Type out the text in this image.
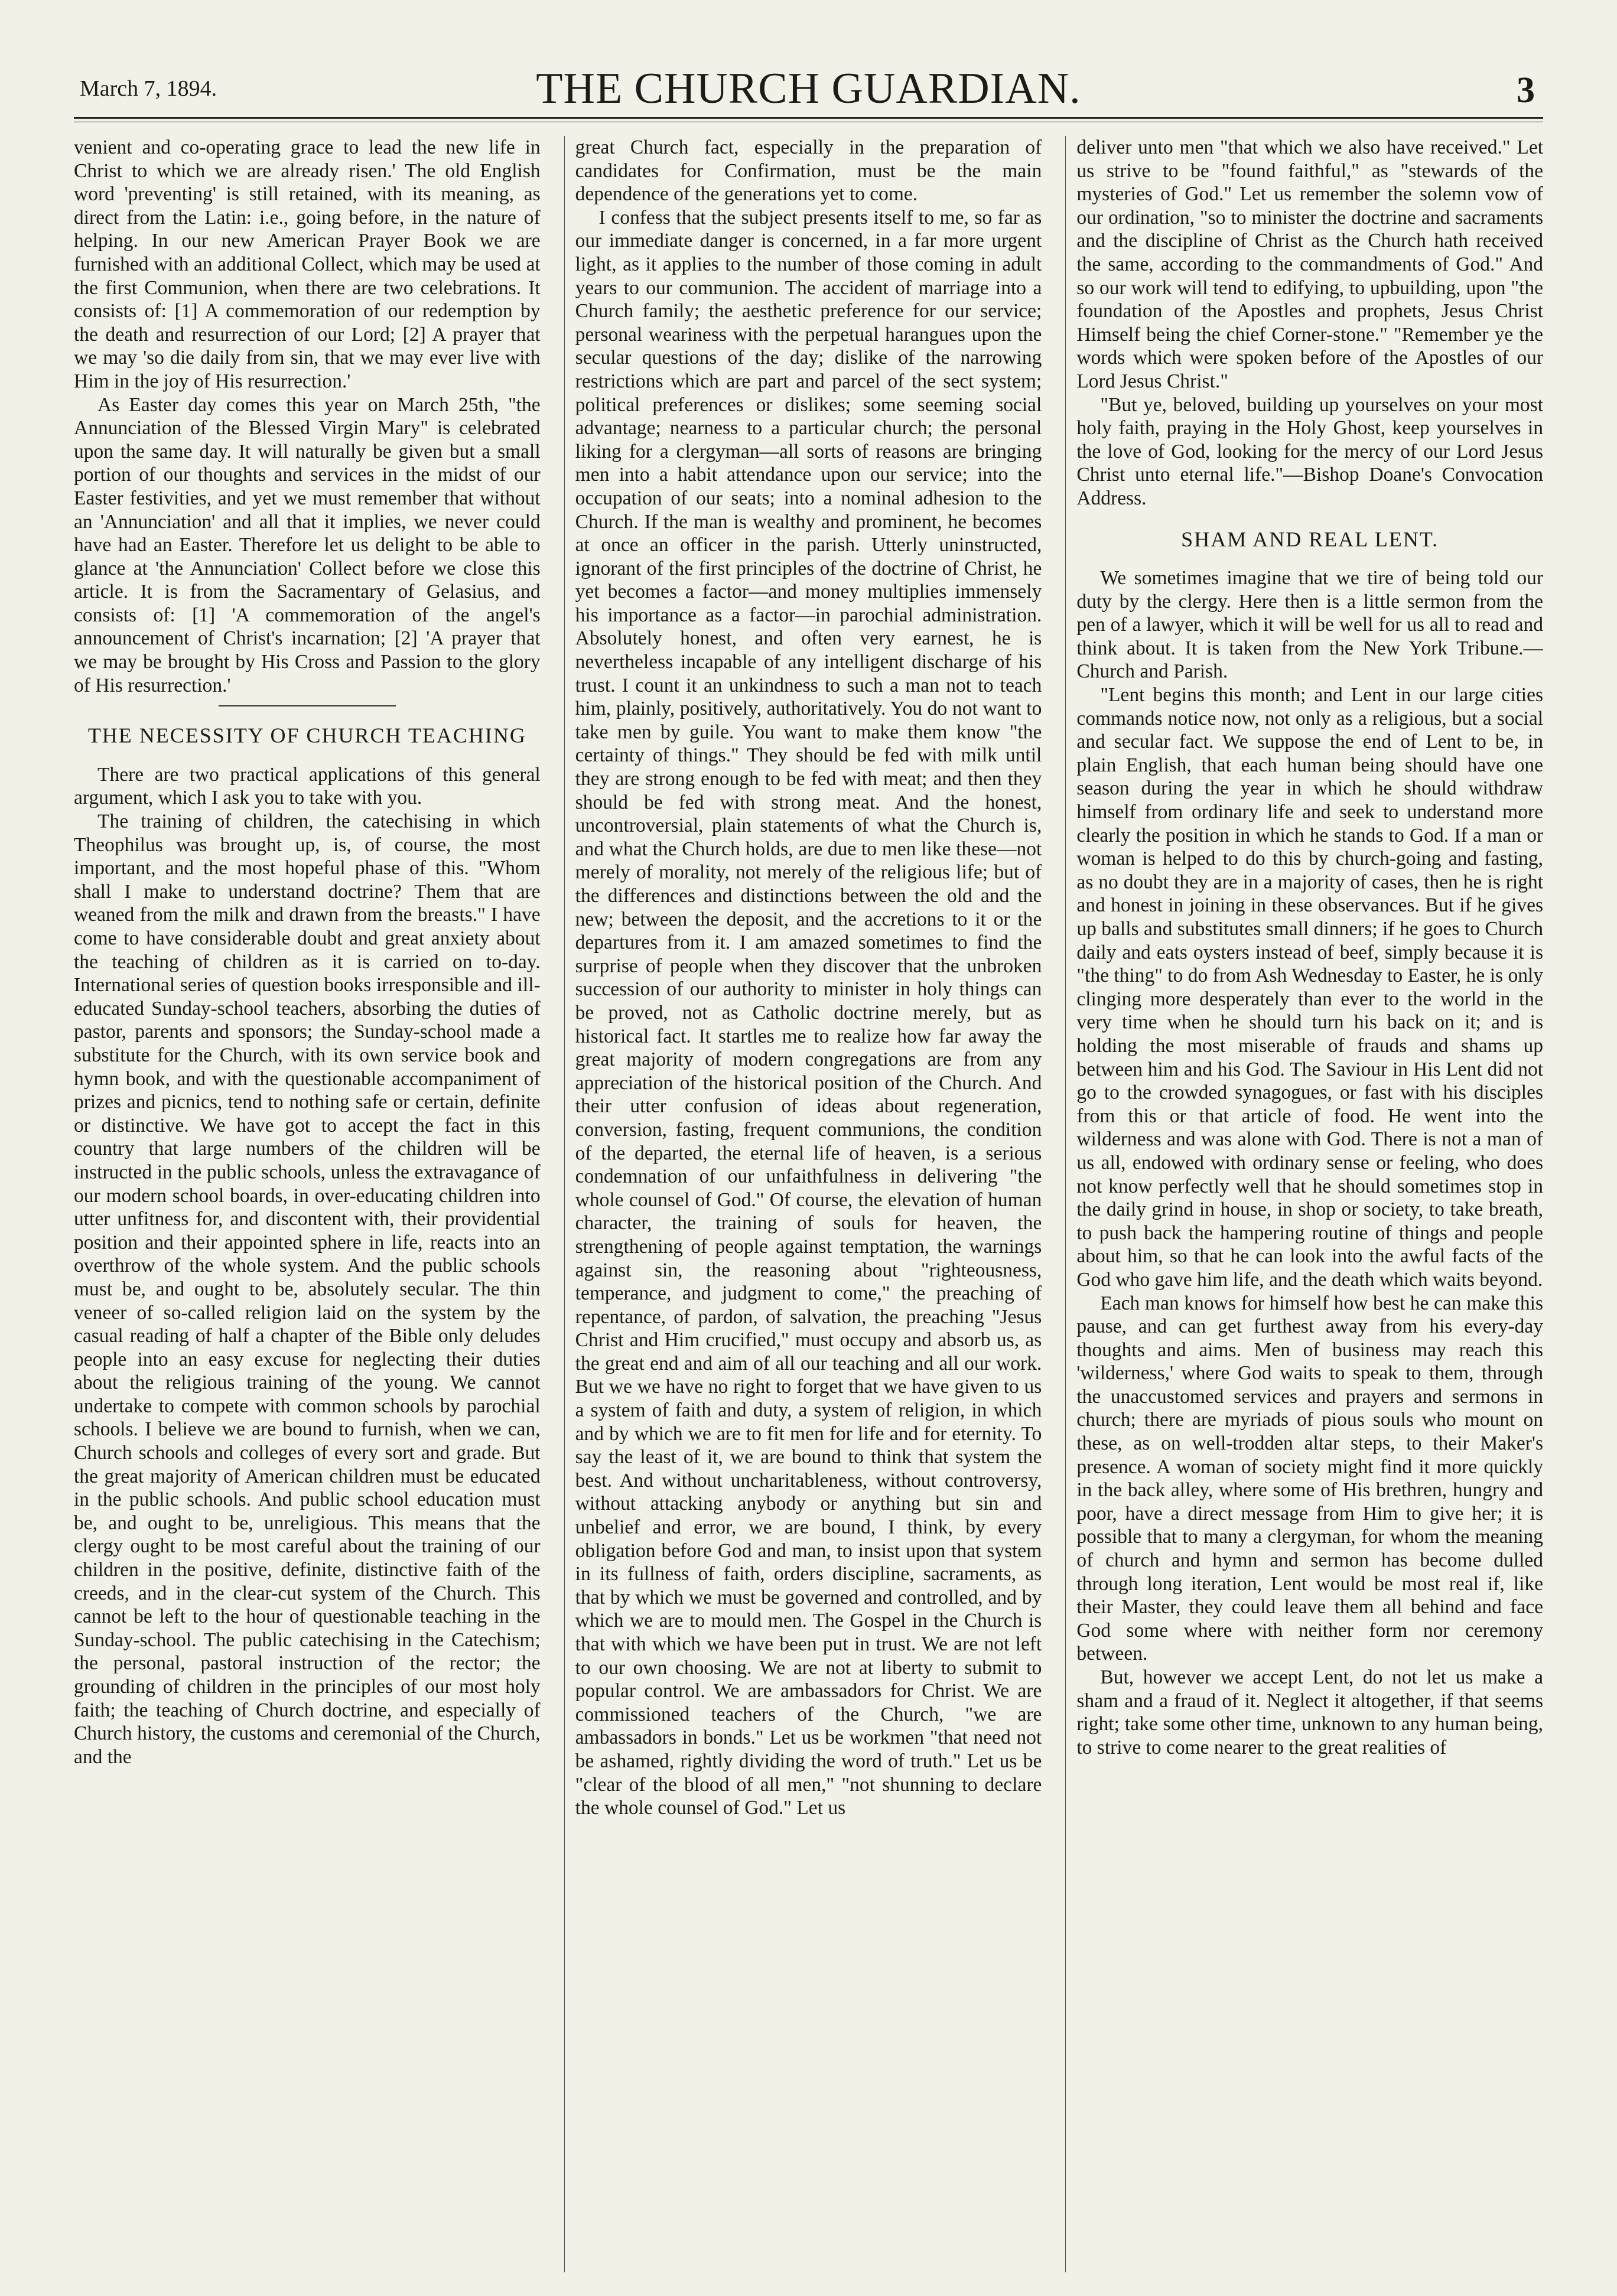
March 7, 1894.	THE CHURCH GUARDIAN.	3

venient and co-operating grace to lead the new life in Christ to which we are already risen.' The old English word 'preventing' is still retained, with its meaning, as direct from the Latin: i.e., going before, in the nature of helping. In our new American Prayer Book we are furnished with an additional Collect, which may be used at the first Communion, when there are two celebrations. It consists of: [1] A commemoration of our redemption by the death and resurrection of our Lord; [2] A prayer that we may 'so die daily from sin, that we may ever live with Him in the joy of His resurrection.'

As Easter day comes this year on March 25th, "the Annunciation of the Blessed Virgin Mary" is celebrated upon the same day. It will naturally be given but a small portion of our thoughts and services in the midst of our Easter festivities, and yet we must remember that without an 'Annunciation' and all that it implies, we never could have had an Easter. Therefore let us delight to be able to glance at 'the Annunciation' Collect before we close this article. It is from the Sacramentary of Gelasius, and consists of: [1] 'A commemoration of the angel's announcement of Christ's incarnation; [2] 'A prayer that we may be brought by His Cross and Passion to the glory of His resurrection.'

THE NECESSITY OF CHURCH TEACHING

There are two practical applications of this general argument, which I ask you to take with you.

The training of children, the catechising in which Theophilus was brought up, is, of course, the most important, and the most hopeful phase of this. "Whom shall I make to understand doctrine? Them that are weaned from the milk and drawn from the breasts." I have come to have considerable doubt and great anxiety about the teaching of children as it is carried on to-day. International series of question books irresponsible and ill-educated Sunday-school teachers, absorbing the duties of pastor, parents and sponsors; the Sunday-school made a substitute for the Church, with its own service book and hymn book, and with the questionable accompaniment of prizes and picnics, tend to nothing safe or certain, definite or distinctive. We have got to accept the fact in this country that large numbers of the children will be instructed in the public schools, unless the extravagance of our modern school boards, in over-educating children into utter unfitness for, and discontent with, their providential position and their appointed sphere in life, reacts into an overthrow of the whole system. And the public schools must be, and ought to be, absolutely secular. The thin veneer of so-called religion laid on the system by the casual reading of half a chapter of the Bible only deludes people into an easy excuse for neglecting their duties about the religious training of the young. We cannot undertake to compete with common schools by parochial schools. I believe we are bound to furnish, when we can, Church schools and colleges of every sort and grade. But the great majority of American children must be educated in the public schools. And public school education must be, and ought to be, unreligious. This means that the clergy ought to be most careful about the training of our children in the positive, definite, distinctive faith of the creeds, and in the clear-cut system of the Church. This cannot be left to the hour of questionable teaching in the Sunday-school. The public catechising in the Catechism; the personal, pastoral instruction of the rector; the grounding of children in the principles of our most holy faith; the teaching of Church doctrine, and especially of Church history, the customs and ceremonial of the Church, and the

great Church fact, especially in the preparation of candidates for Confirmation, must be the main dependence of the generations yet to come.

I confess that the subject presents itself to me, so far as our immediate danger is concerned, in a far more urgent light, as it applies to the number of those coming in adult years to our communion. The accident of marriage into a Church family; the aesthetic preference for our service; personal weariness with the perpetual harangues upon the secular questions of the day; dislike of the narrowing restrictions which are part and parcel of the sect system; political preferences or dislikes; some seeming social advantage; nearness to a particular church; the personal liking for a clergyman—all sorts of reasons are bringing men into a habit attendance upon our service; into the occupation of our seats; into a nominal adhesion to the Church. If the man is wealthy and prominent, he becomes at once an officer in the parish. Utterly uninstructed, ignorant of the first principles of the doctrine of Christ, he yet becomes a factor—and money multiplies immensely his importance as a factor—in parochial administration. Absolutely honest, and often very earnest, he is nevertheless incapable of any intelligent discharge of his trust. I count it an unkindness to such a man not to teach him, plainly, positively, authoritatively. You do not want to take men by guile. You want to make them know "the certainty of things." They should be fed with milk until they are strong enough to be fed with meat; and then they should be fed with strong meat. And the honest, uncontroversial, plain statements of what the Church is, and what the Church holds, are due to men like these—not merely of morality, not merely of the religious life; but of the differences and distinctions between the old and the new; between the deposit, and the accretions to it or the departures from it. I am amazed sometimes to find the surprise of people when they discover that the unbroken succession of our authority to minister in holy things can be proved, not as Catholic doctrine merely, but as historical fact. It startles me to realize how far away the great majority of modern congregations are from any appreciation of the historical position of the Church. And their utter confusion of ideas about regeneration, conversion, fasting, frequent communions, the condition of the departed, the eternal life of heaven, is a serious condemnation of our unfaithfulness in delivering "the whole counsel of God." Of course, the elevation of human character, the training of souls for heaven, the strengthening of people against temptation, the warnings against sin, the reasoning about "righteousness, temperance, and judgment to come," the preaching of repentance, of pardon, of salvation, the preaching "Jesus Christ and Him crucified," must occupy and absorb us, as the great end and aim of all our teaching and all our work. But we we have no right to forget that we have given to us a system of faith and duty, a system of religion, in which and by which we are to fit men for life and for eternity. To say the least of it, we are bound to think that system the best. And without uncharitableness, without controversy, without attacking anybody or anything but sin and unbelief and error, we are bound, I think, by every obligation before God and man, to insist upon that system in its fullness of faith, orders discipline, sacraments, as that by which we must be governed and controlled, and by which we are to mould men. The Gospel in the Church is that with which we have been put in trust. We are not left to our own choosing. We are not at liberty to submit to popular control. We are ambassadors for Christ. We are commissioned teachers of the Church, "we are ambassadors in bonds." Let us be workmen "that need not be ashamed, rightly dividing the word of truth." Let us be "clear of the blood of all men," "not shunning to declare the whole counsel of God." Let us

deliver unto men "that which we also have received." Let us strive to be "found faithful," as "stewards of the mysteries of God." Let us remember the solemn vow of our ordination, "so to minister the doctrine and sacraments and the discipline of Christ as the Church hath received the same, according to the commandments of God." And so our work will tend to edifying, to upbuilding, upon "the foundation of the Apostles and prophets, Jesus Christ Himself being the chief Corner-stone." "Remember ye the words which were spoken before of the Apostles of our Lord Jesus Christ."

"But ye, beloved, building up yourselves on your most holy faith, praying in the Holy Ghost, keep yourselves in the love of God, looking for the mercy of our Lord Jesus Christ unto eternal life."—Bishop Doane's Convocation Address.

SHAM AND REAL LENT.

We sometimes imagine that we tire of being told our duty by the clergy. Here then is a little sermon from the pen of a lawyer, which it will be well for us all to read and think about. It is taken from the New York Tribune.—Church and Parish.

"Lent begins this month; and Lent in our large cities commands notice now, not only as a religious, but a social and secular fact. We suppose the end of Lent to be, in plain English, that each human being should have one season during the year in which he should withdraw himself from ordinary life and seek to understand more clearly the position in which he stands to God. If a man or woman is helped to do this by church-going and fasting, as no doubt they are in a majority of cases, then he is right and honest in joining in these observances. But if he gives up balls and substitutes small dinners; if he goes to Church daily and eats oysters instead of beef, simply because it is "the thing" to do from Ash Wednesday to Easter, he is only clinging more desperately than ever to the world in the very time when he should turn his back on it; and is holding the most miserable of frauds and shams up between him and his God. The Saviour in His Lent did not go to the crowded synagogues, or fast with his disciples from this or that article of food. He went into the wilderness and was alone with God. There is not a man of us all, endowed with ordinary sense or feeling, who does not know perfectly well that he should sometimes stop in the daily grind in house, in shop or society, to take breath, to push back the hampering routine of things and people about him, so that he can look into the awful facts of the God who gave him life, and the death which waits beyond.

Each man knows for himself how best he can make this pause, and can get furthest away from his every-day thoughts and aims. Men of business may reach this 'wilderness,' where God waits to speak to them, through the unaccustomed services and prayers and sermons in church; there are myriads of pious souls who mount on these, as on well-trodden altar steps, to their Maker's presence. A woman of society might find it more quickly in the back alley, where some of His brethren, hungry and poor, have a direct message from Him to give her; it is possible that to many a clergyman, for whom the meaning of church and hymn and sermon has become dulled through long iteration, Lent would be most real if, like their Master, they could leave them all behind and face God some where with neither form nor ceremony between.

But, however we accept Lent, do not let us make a sham and a fraud of it. Neglect it altogether, if that seems right; take some other time, unknown to any human being, to strive to come nearer to the great realities of
